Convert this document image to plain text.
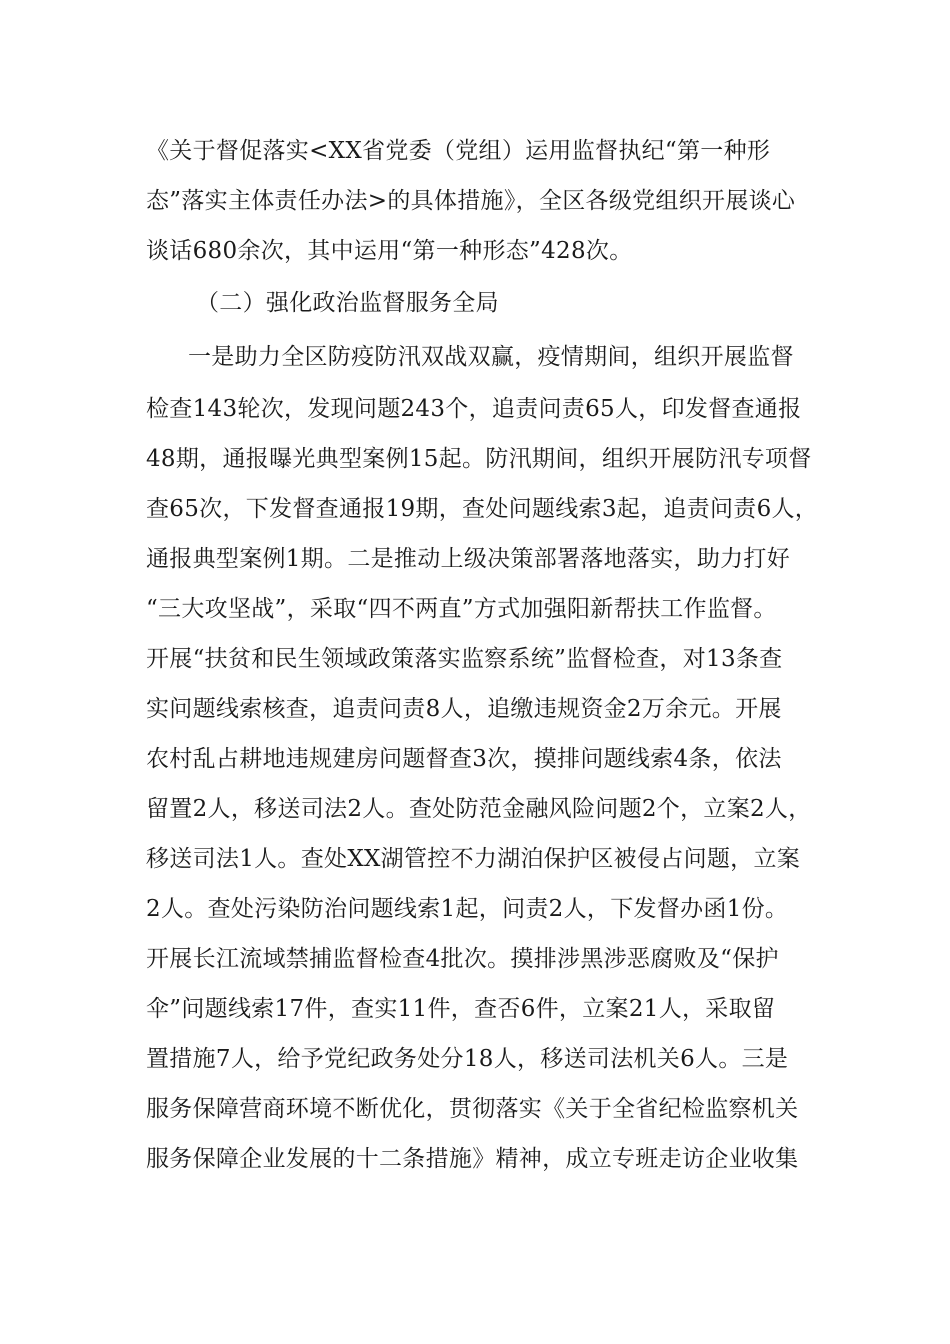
《关于督促落实<XX省党委（党组）运用监督执纪“第一种形
态”落实主体责任办法>的具体措施》，全区各级党组织开展谈心
谈话680余次，其中运用“第一种形态”428次。
（二）强化政治监督服务全局
一是助力全区防疫防汛双战双赢，疫情期间，组织开展监督
检查143轮次，发现问题243个，追责问责65人，印发督查通报
48期，通报曝光典型案例15起。防汛期间，组织开展防汛专项督
查65次，下发督查通报19期，查处问题线索3起，追责问责6人，
通报典型案例1期。二是推动上级决策部署落地落实，助力打好
“三大攻坚战”，采取“四不两直”方式加强阳新帮扶工作监督。
开展“扶贫和民生领域政策落实监察系统”监督检查，对13条查
实问题线索核查，追责问责8人，追缴违规资金2万余元。开展
农村乱占耕地违规建房问题督查3次，摸排问题线索4条，依法
留置2人，移送司法2人。查处防范金融风险问题2个，立案2人，
移送司法1人。查处XX湖管控不力湖泊保护区被侵占问题，立案
2人。查处污染防治问题线索1起，问责2人，下发督办函1份。
开展长江流域禁捕监督检查4批次。摸排涉黑涉恶腐败及“保护
伞”问题线索17件，查实11件，查否6件，立案21人，采取留
置措施7人，给予党纪政务处分18人，移送司法机关6人。三是
服务保障营商环境不断优化，贯彻落实《关于全省纪检监察机关
服务保障企业发展的十二条措施》精神，成立专班走访企业收集
